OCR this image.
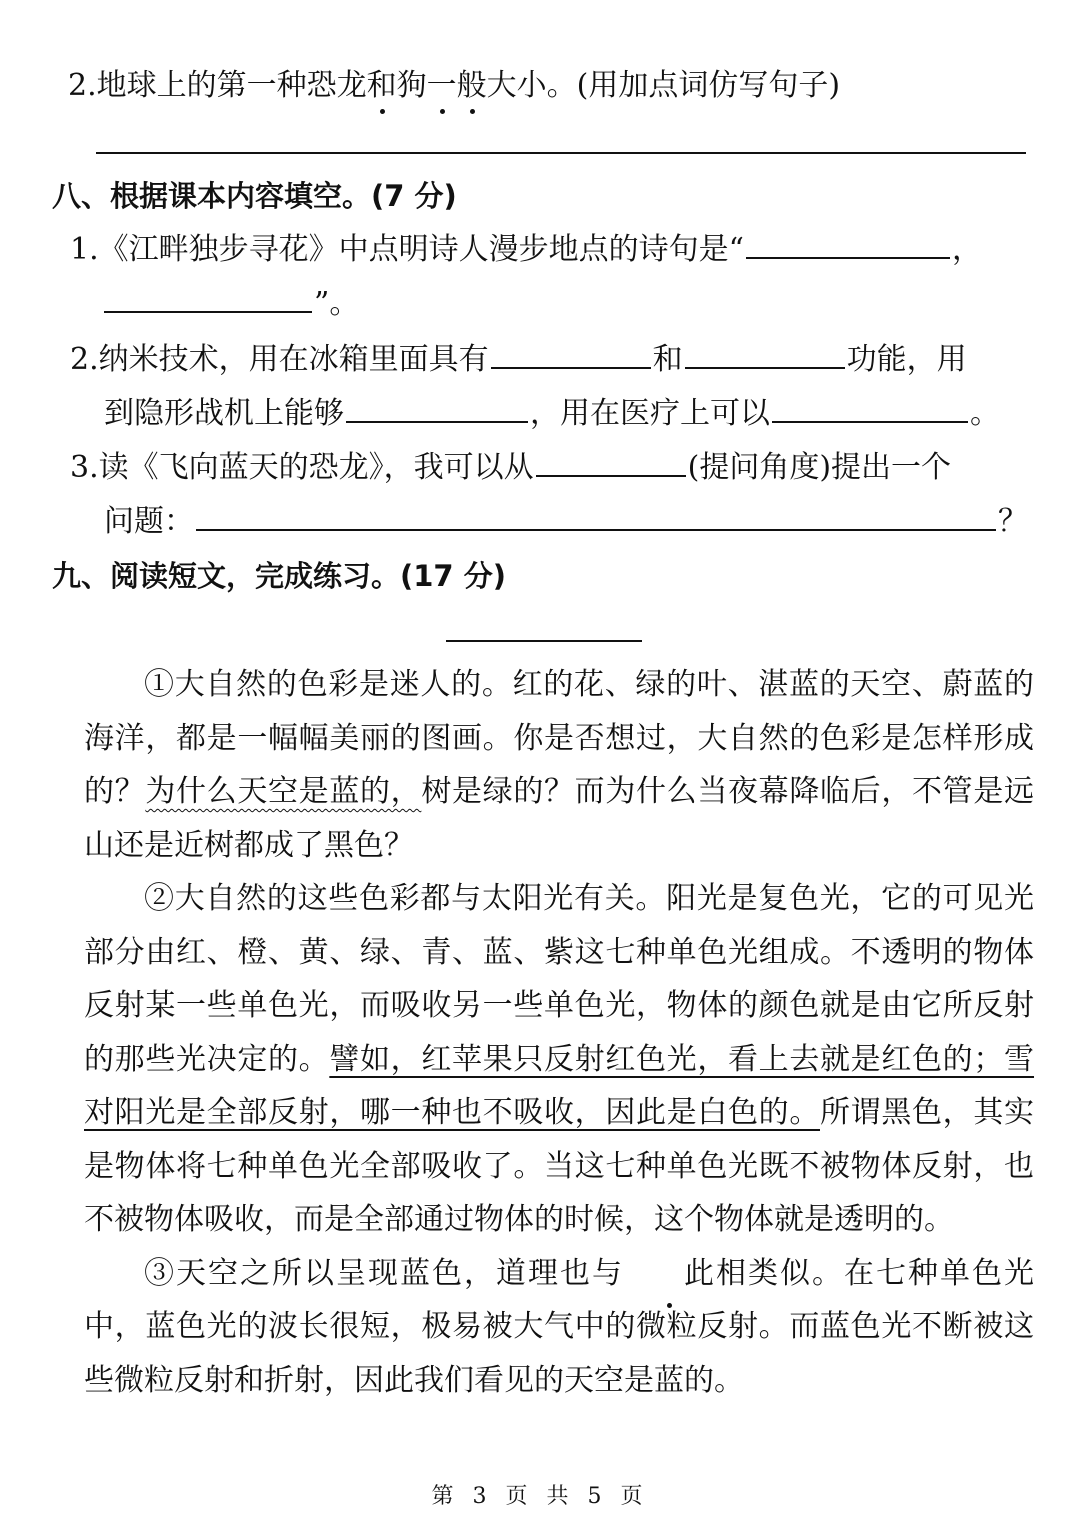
2.地球上的第一种恐龙和狗一般大小。(用加点词仿写句子)
八、根据课本内容填空。(7 分)
1.《江畔独步寻花》中点明诗人漫步地点的诗句是“	，
”。
2.纳米技术，用在冰箱里面具有	和	功能，用
到隐形战机上能够	，用在医疗上可以	。
3.读《飞向蓝天的恐龙》，我可以从	(提问角度)提出一个
问题：	？
九、阅读短文，完成练习。(17 分)

①大自然的色彩是迷人的。红的花、绿的叶、湛蓝的天空、蔚蓝的海洋，都是一幅幅美丽的图画。你是否想过，大自然的色彩是怎样形成的？为什么天空是蓝的，树是绿的？而为什么当夜幕降临后，不管是远山还是近树都成了黑色？

②大自然的这些色彩都与太阳光有关。阳光是复色光，它的可见光部分由红、橙、黄、绿、青、蓝、紫这七种单色光组成。不透明的物体反射某一些单色光，而吸收另一些单色光，物体的颜色就是由它所反射的那些光决定的。譬如，红苹果只反射红色光，看上去就是红色的；雪对阳光是全部反射，哪一种也不吸收，因此是白色的。所谓黑色，其实是物体将七种单色光全部吸收了。当这七种单色光既不被物体反射，也不被物体吸收，而是全部通过物体的时候，这个物体就是透明的。

③天空之所以呈现蓝色，道理也与 此相类似。在七种单色光中，蓝色光的波长很短，极易被大气中的微粒反射。而蓝色光不断被这些微粒反射和折射，因此我们看见的天空是蓝的。

第 3 页 共 5 页
